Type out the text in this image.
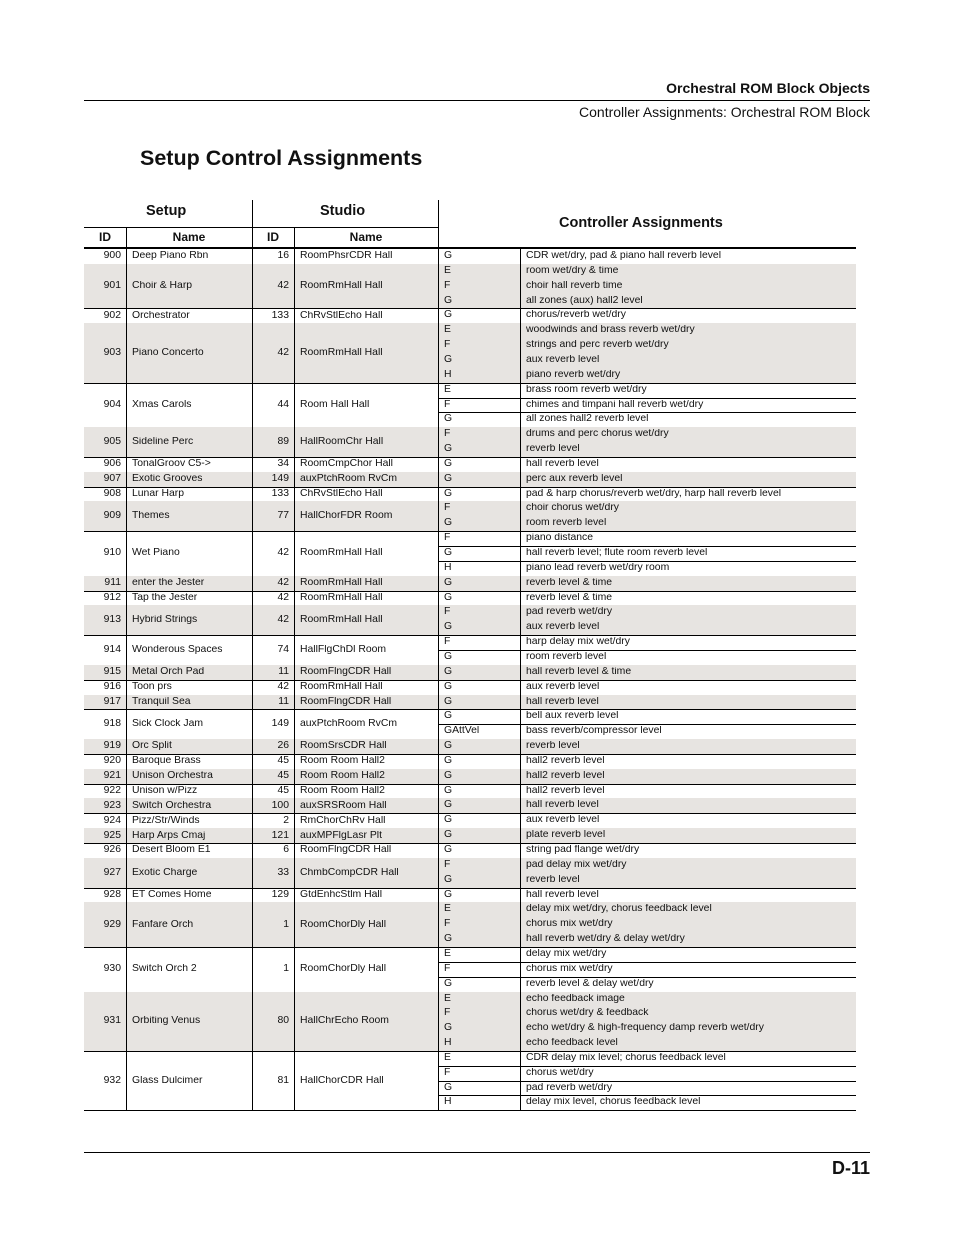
Orchestral ROM Block Objects
Controller Assignments: Orchestral ROM Block
Setup Control Assignments
Setup	Studio
Controller Assignments
ID	Name	ID	Name
900	Deep Piano Rbn	16	RoomPhsrCDR Hall	G	CDR wet/dry, pad & piano hall reverb level
901	Choir & Harp	42	RoomRmHall Hall
E	room wet/dry & time
F	choir hall reverb time
G	all zones (aux) hall2 level
902	Orchestrator	133	ChRvStlEcho Hall	G	chorus/reverb wet/dry
903	Piano Concerto	42	RoomRmHall Hall
E	woodwinds and brass reverb wet/dry
F	strings and perc reverb wet/dry
G	aux reverb level
H	piano reverb wet/dry
904	Xmas Carols	44	Room Hall Hall
E	brass room reverb wet/dry
F	chimes and timpani hall reverb wet/dry
G	all zones hall2 reverb level
905	Sideline Perc	89	HallRoomChr Hall
F	drums and perc chorus wet/dry
G	reverb level
906	TonalGroov C5->	34	RoomCmpChor Hall	G	hall reverb level
907	Exotic Grooves	149	auxPtchRoom RvCm	G	perc aux reverb level
908	Lunar Harp	133	ChRvStlEcho Hall	G	pad & harp chorus/reverb wet/dry, harp hall reverb level
909	Themes	77	HallChorFDR Room
F	choir chorus wet/dry
G	room reverb level
910	Wet Piano	42	RoomRmHall Hall
F	piano distance
G	hall reverb level; flute room reverb level
H	piano lead reverb wet/dry room
911	enter the Jester	42	RoomRmHall Hall	G	reverb level & time
912	Tap the Jester	42	RoomRmHall Hall	G	reverb level & time
913	Hybrid Strings	42	RoomRmHall Hall
F	pad reverb wet/dry
G	aux reverb level
914	Wonderous Spaces	74	HallFlgChDl Room
F	harp delay mix wet/dry
G	room reverb level
915	Metal Orch Pad	11	RoomFlngCDR Hall	G	hall reverb level & time
916	Toon prs	42	RoomRmHall Hall	G	aux reverb level
917	Tranquil Sea	11	RoomFlngCDR Hall	G	hall reverb level
918	Sick Clock Jam	149	auxPtchRoom RvCm
G	bell aux reverb level
GAttVel	bass reverb/compressor level
919	Orc Split	26	RoomSrsCDR Hall	G	reverb level
920	Baroque Brass	45	Room Room Hall2	G	hall2 reverb level
921	Unison Orchestra	45	Room Room Hall2	G	hall2 reverb level
922	Unison w/Pizz	45	Room Room Hall2	G	hall2 reverb level
923	Switch Orchestra	100	auxSRSRoom Hall	G	hall reverb level
924	Pizz/Str/Winds	2	RmChorChRv Hall	G	aux reverb level
925	Harp Arps Cmaj	121	auxMPFlgLasr Plt	G	plate reverb level
926	Desert Bloom E1	6	RoomFlngCDR Hall	G	string pad flange wet/dry
927	Exotic Charge	33	ChmbCompCDR Hall
F	pad delay mix wet/dry
G	reverb level
928	ET Comes Home	129	GtdEnhcStlm Hall	G	hall reverb level
929	Fanfare Orch	1	RoomChorDly Hall
E	delay mix wet/dry, chorus feedback level
F	chorus mix wet/dry
G	hall reverb wet/dry & delay wet/dry
930	Switch Orch 2	1	RoomChorDly Hall
E	delay mix wet/dry
F	chorus mix wet/dry
G	reverb level & delay wet/dry
931	Orbiting Venus	80	HallChrEcho Room
E	echo feedback image
F	chorus wet/dry & feedback
G	echo wet/dry & high-frequency damp reverb wet/dry
H	echo feedback level
932	Glass Dulcimer	81	HallChorCDR Hall
E	CDR delay mix level; chorus feedback level
F	chorus wet/dry
G	pad reverb wet/dry
H	delay mix level, chorus feedback level
D-11
